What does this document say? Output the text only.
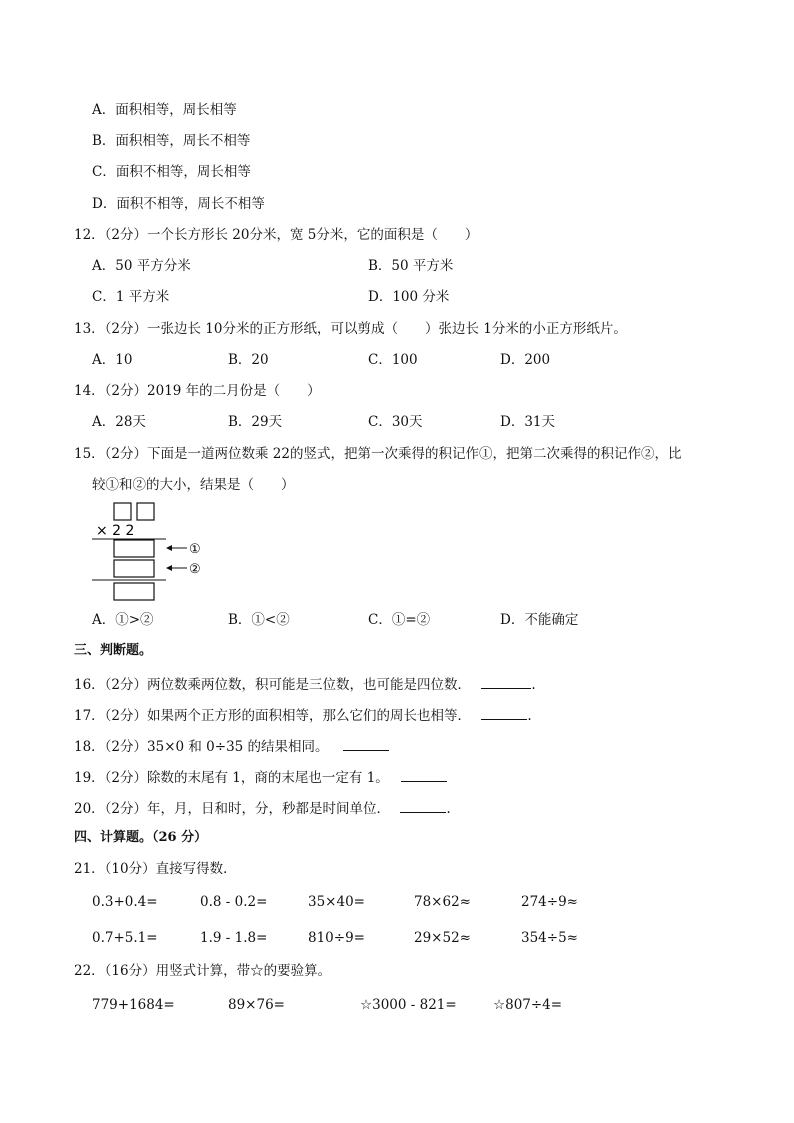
A．面积相等，周长相等
B．面积相等，周长不相等
C．面积不相等，周长相等
D．面积不相等，周长不相等
12．（2分）一个长方形长 20分米，宽 5分米，它的面积是（　　）
A．50 平方分米	B．50 平方米
C．1 平方米	D．100 分米
13．（2分）一张边长 10分米的正方形纸，可以剪成（　　）张边长 1分米的小正方形纸片。
A．10	B．20	C．100	D．200
14．（2分）2019 年的二月份是（　　）
A．28天	B．29天	C．30天	D．31天
15．（2分）下面是一道两位数乘 22的竖式，把第一次乘得的积记作①，把第二次乘得的积记作②，比
较①和②的大小，结果是（　　）
× 2 2
①
②
A．①>②	B．①<②	C．①=②	D．不能确定
三、判断题。
16．（2分）两位数乘两位数，积可能是三位数，也可能是四位数．	.
17．（2分）如果两个正方形的面积相等，那么它们的周长也相等．	.
18．（2分）35×0 和 0÷35 的结果相同。
19．（2分）除数的末尾有 1，商的末尾也一定有 1。
20．（2分）年，月，日和时，分，秒都是时间单位．	.
四、计算题。（26 分）
21．（10分）直接写得数．
0.3+0.4=	0.8 - 0.2=	35×40=	78×62≈	274÷9≈
0.7+5.1=	1.9 - 1.8=	810÷9=	29×52≈	354÷5≈
22．（16分）用竖式计算，带☆的要验算。
779+1684=	89×76=	☆3000 - 821=	☆807÷4=
